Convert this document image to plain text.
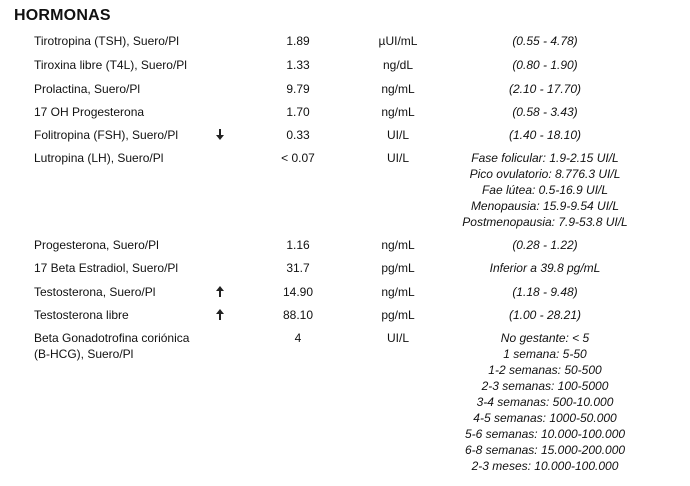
HORMONAS
Tirotropina (TSH), Suero/Pl	1.89	µUI/mL	(0.55 - 4.78)
Tiroxina libre (T4L), Suero/Pl	1.33	ng/dL	(0.80 - 1.90)
Prolactina, Suero/Pl	9.79	ng/mL	(2.10 - 17.70)
17 OH Progesterona	1.70	ng/mL	(0.58 - 3.43)
Folitropina (FSH), Suero/Pl	0.33	UI/L	(1.40 - 18.10)
Lutropina (LH), Suero/Pl	< 0.07	UI/L	Fase folicular: 1.9-2.15 UI/L
Pico ovulatorio: 8.776.3 UI/L
Fae lútea: 0.5-16.9 UI/L
Menopausia: 15.9-9.54 UI/L
Postmenopausia: 7.9-53.8 UI/L
Progesterona, Suero/Pl	1.16	ng/mL	(0.28 - 1.22)
17 Beta Estradiol, Suero/Pl	31.7	pg/mL	Inferior a 39.8 pg/mL
Testosterona, Suero/Pl	14.90	ng/mL	(1.18 - 9.48)
Testosterona libre	88.10	pg/mL	(1.00 - 28.21)
Beta Gonadotrofina coriónica
(B-HCG), Suero/Pl
4	UI/L	No gestante: < 5
1 semana: 5-50
1-2 semanas: 50-500
2-3 semanas: 100-5000
3-4 semanas: 500-10.000
4-5 semanas: 1000-50.000
5-6 semanas: 10.000-100.000
6-8 semanas: 15.000-200.000
2-3 meses: 10.000-100.000
